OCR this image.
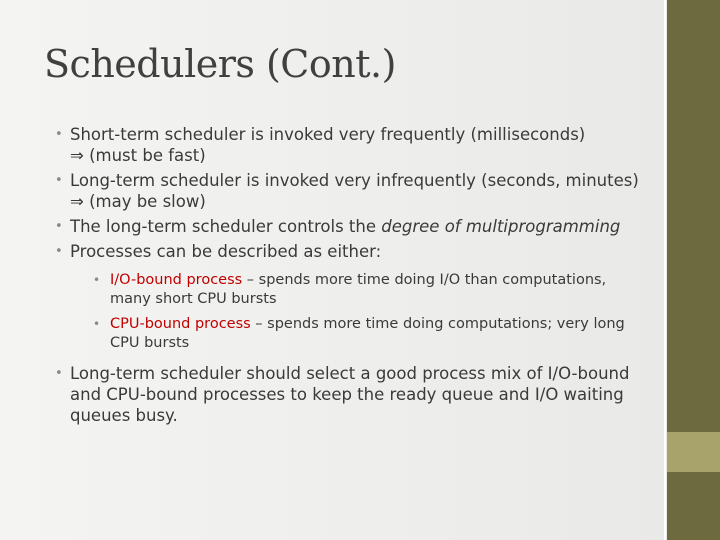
Schedulers (Cont.)
• Short-term scheduler is invoked very frequently (milliseconds)
⇒ (must be fast)
• Long-term scheduler is invoked very infrequently (seconds, minutes) ⇒ (may be slow)
• The long-term scheduler controls the degree of multiprogramming
• Processes can be described as either:
• I/O-bound process – spends more time doing I/O than computations, many short CPU bursts
• CPU-bound process – spends more time doing computations; very long CPU bursts
• Long-term scheduler should select a good process mix of I/O-bound and CPU-bound processes to keep the ready queue and I/O waiting queues busy.
